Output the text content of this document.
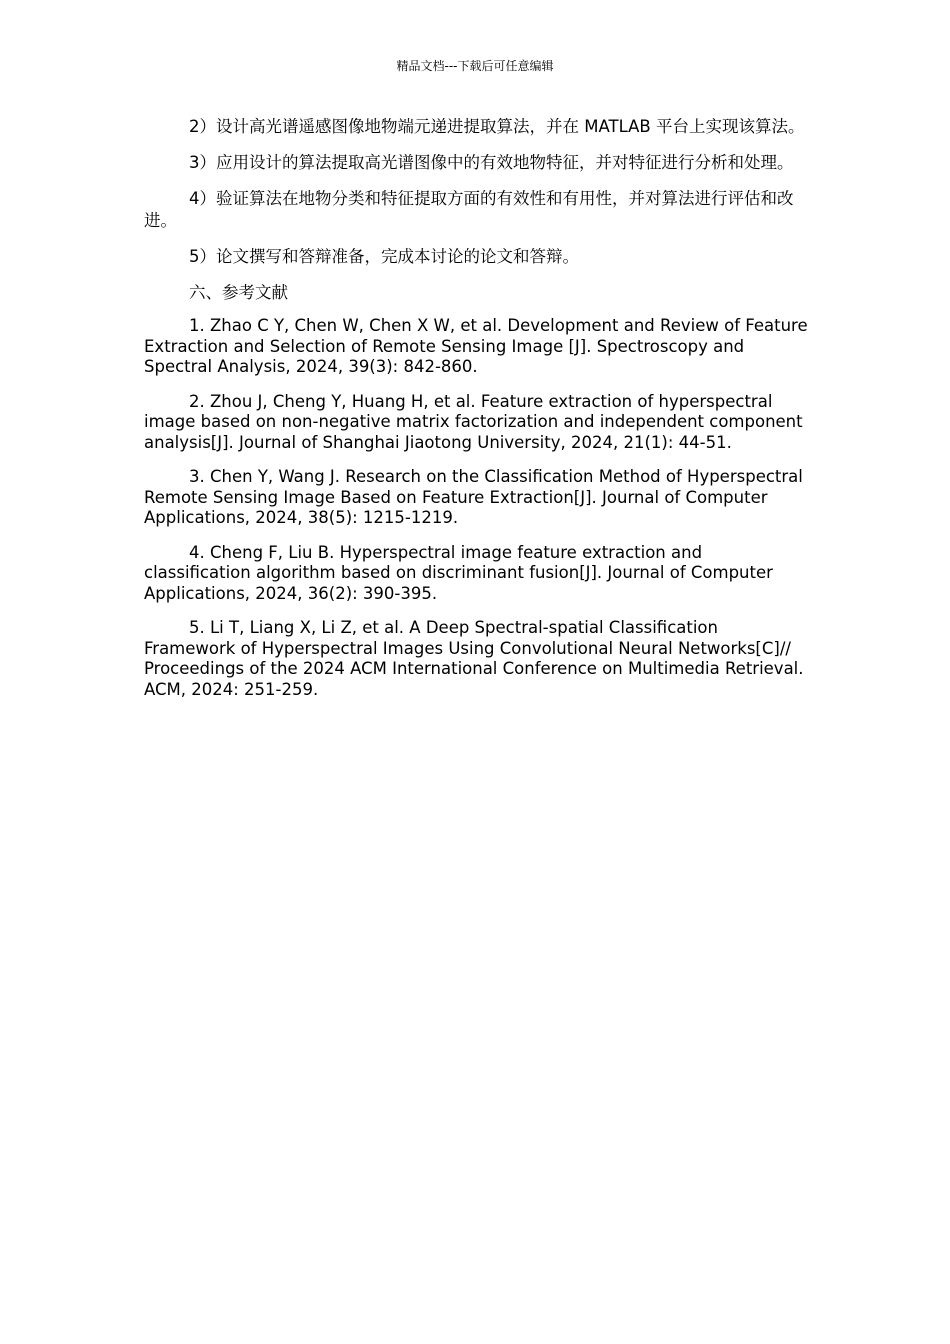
精品文档---下载后可任意编辑

2）设计高光谱遥感图像地物端元递进提取算法，并在 MATLAB 平台上实现该算法。

3）应用设计的算法提取高光谱图像中的有效地物特征，并对特征进行分析和处理。

4）验证算法在地物分类和特征提取方面的有效性和有用性，并对算法进行评估和改进。

5）论文撰写和答辩准备，完成本讨论的论文和答辩。

六、参考文献

1. Zhao C Y, Chen W, Chen X W, et al. Development and Review of Feature Extraction and Selection of Remote Sensing Image [J]. Spectroscopy and Spectral Analysis, 2024, 39(3): 842-860.

2. Zhou J, Cheng Y, Huang H, et al. Feature extraction of hyperspectral image based on non-negative matrix factorization and independent component analysis[J]. Journal of Shanghai Jiaotong University, 2024, 21(1): 44-51.

3. Chen Y, Wang J. Research on the Classification Method of Hyperspectral Remote Sensing Image Based on Feature Extraction[J]. Journal of Computer Applications, 2024, 38(5): 1215-1219.

4. Cheng F, Liu B. Hyperspectral image feature extraction and classification algorithm based on discriminant fusion[J]. Journal of Computer Applications, 2024, 36(2): 390-395.

5. Li T, Liang X, Li Z, et al. A Deep Spectral-spatial Classification Framework of Hyperspectral Images Using Convolutional Neural Networks[C]// Proceedings of the 2024 ACM International Conference on Multimedia Retrieval. ACM, 2024: 251-259.
